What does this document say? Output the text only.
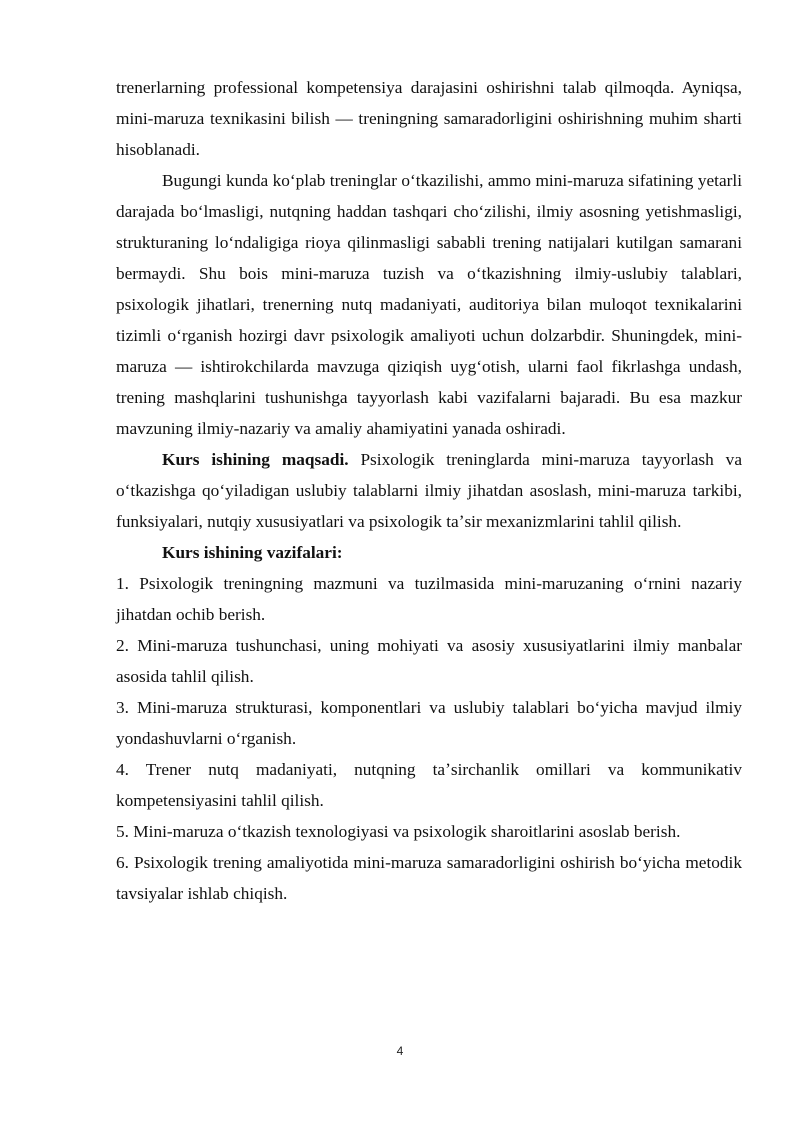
trenerlarning professional kompetensiya darajasini oshirishni talab qilmoqda. Ayniqsa, mini-maruza texnikasini bilish — treningning samaradorligini oshirishning muhim sharti hisoblanadi.

Bugungi kunda koʻplab treninglar oʻtkazilishi, ammo mini-maruza sifatining yetarli darajada boʻlmasligi, nutqning haddan tashqari choʻzilishi, ilmiy asosning yetishmasligi, strukturaning loʻndaligiga rioya qilinmasligi sababli trening natijalari kutilgan samarani bermaydi. Shu bois mini-maruza tuzish va oʻtkazishning ilmiy-uslubiy talablari, psixologik jihatlari, trenerning nutq madaniyati, auditoriya bilan muloqot texnikalarini tizimli oʻrganish hozirgi davr psixologik amaliyoti uchun dolzarbdir. Shuningdek, mini-maruza — ishtirokchilarda mavzuga qiziqish uygʻotish, ularni faol fikrlashga undash, trening mashqlarini tushunishga tayyorlash kabi vazifalarni bajaradi. Bu esa mazkur mavzuning ilmiy-nazariy va amaliy ahamiyatini yanada oshiradi.

Kurs ishining maqsadi. Psixologik treninglarda mini-maruza tayyorlash va oʻtkazishga qoʻyiladigan uslubiy talablarni ilmiy jihatdan asoslash, mini-maruza tarkibi, funksiyalari, nutqiy xususiyatlari va psixologik taʼsir mexanizmlarini tahlil qilish.

Kurs ishining vazifalari:

1. Psixologik treningning mazmuni va tuzilmasida mini-maruzaning oʻrnini nazariy jihatdan ochib berish.

2. Mini-maruza tushunchasi, uning mohiyati va asosiy xususiyatlarini ilmiy manbalar asosida tahlil qilish.

3. Mini-maruza strukturasi, komponentlari va uslubiy talablari boʻyicha mavjud ilmiy yondashuvlarni oʻrganish.

4. Trener nutq madaniyati, nutqning taʼsirchanlik omillari va kommunikativ kompetensiyasini tahlil qilish.

5. Mini-maruza oʻtkazish texnologiyasi va psixologik sharoitlarini asoslab berish.

6. Psixologik trening amaliyotida mini-maruza samaradorligini oshirish boʻyicha metodik tavsiyalar ishlab chiqish.

4
